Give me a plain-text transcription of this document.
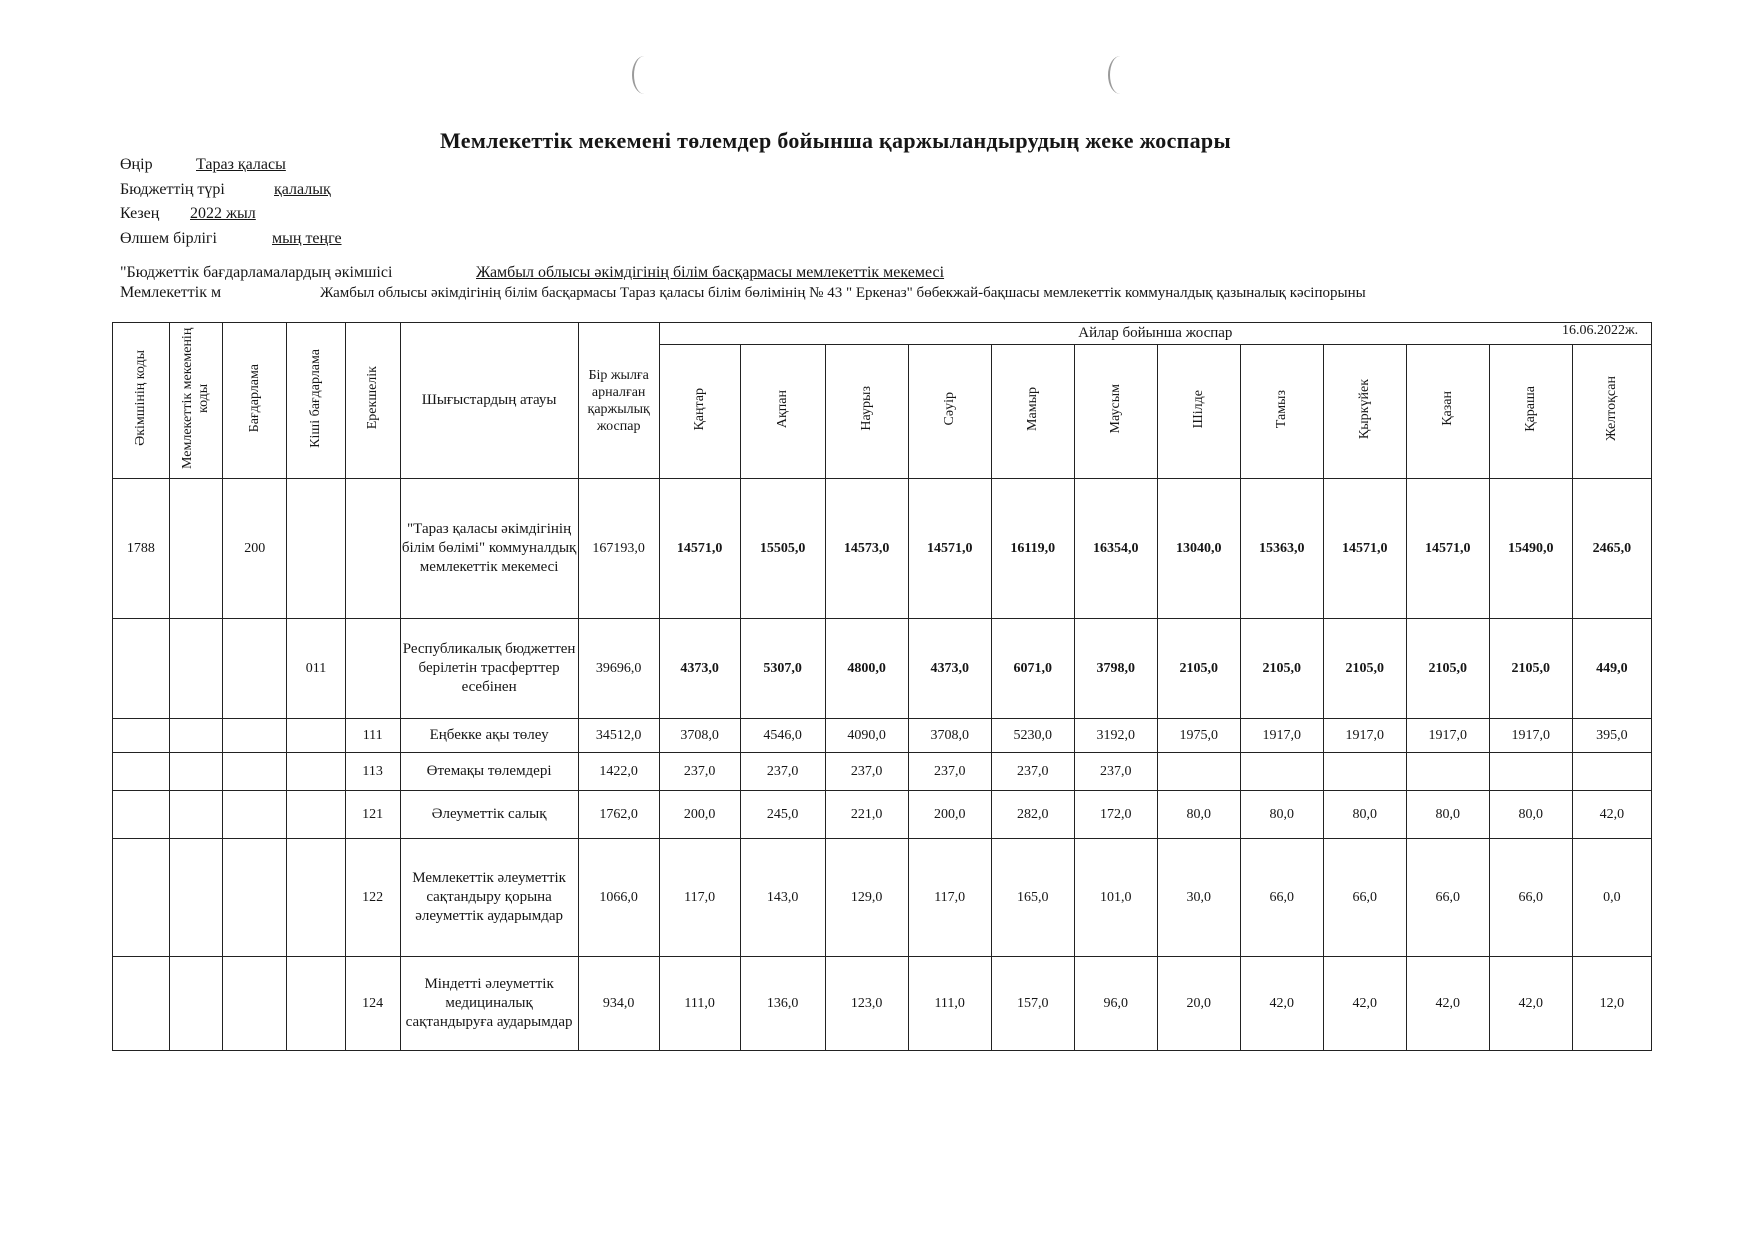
Мемлекеттік мекемені төлемдер бойынша қаржыландырудың жеке жоспары
Өңір	Тараз қаласы
Бюджеттің түрі	қалалық
Кезең 2022 жыл
Өлшем бірлігі	мың теңге
"Бюджеттік бағдарламалардың әкімшісі	Жамбыл облысы әкімдігінің білім басқармасы мемлекеттік мекемесі
Мемлекеттік м	Жамбыл облысы әкімдігінің білім басқармасы Тараз қаласы білім бөлімінің № 43 " Еркеназ" бөбекжай-бақшасы мемлекеттік коммуналдық қазыналық кәсіпорыны
16.06.2022ж.
Әкімшінің коды	Мемлекеттік мекеменің коды	Бағдарлама	Кіші бағдарлама	Ерекшелік	Шығыстардың атауы	Бір жылға арналған қаржылық жоспар	Айлар бойынша жоспар											
							Қаңтар	Ақпан	Наурыз	Сәуір	Мамыр	Маусым	Шілде	Тамыз	Қыркүйек	Қазан	Қараша	Желтоқсан
1788		200			"Тараз қаласы әкімдігінің білім бөлімі" коммуналдық мемлекеттік мекемесі	167193,0	14571,0	15505,0	14573,0	14571,0	16119,0	16354,0	13040,0	15363,0	14571,0	14571,0	15490,0	2465,0
			011		Республикалық бюджеттен берілетін трасферттер есебінен	39696,0	4373,0	5307,0	4800,0	4373,0	6071,0	3798,0	2105,0	2105,0	2105,0	2105,0	2105,0	449,0
				111	Еңбекке ақы төлеу	34512,0	3708,0	4546,0	4090,0	3708,0	5230,0	3192,0	1975,0	1917,0	1917,0	1917,0	1917,0	395,0
				113	Өтемақы төлемдері	1422,0	237,0	237,0	237,0	237,0	237,0	237,0						
				121	Әлеуметтік салық	1762,0	200,0	245,0	221,0	200,0	282,0	172,0	80,0	80,0	80,0	80,0	80,0	42,0
				122	Мемлекеттік әлеуметтік сақтандыру қорына әлеуметтік аударымдар	1066,0	117,0	143,0	129,0	117,0	165,0	101,0	30,0	66,0	66,0	66,0	66,0	0,0
				124	Міндетті әлеуметтік медициналық сақтандыруға аударымдар	934,0	111,0	136,0	123,0	111,0	157,0	96,0	20,0	42,0	42,0	42,0	42,0	12,0
